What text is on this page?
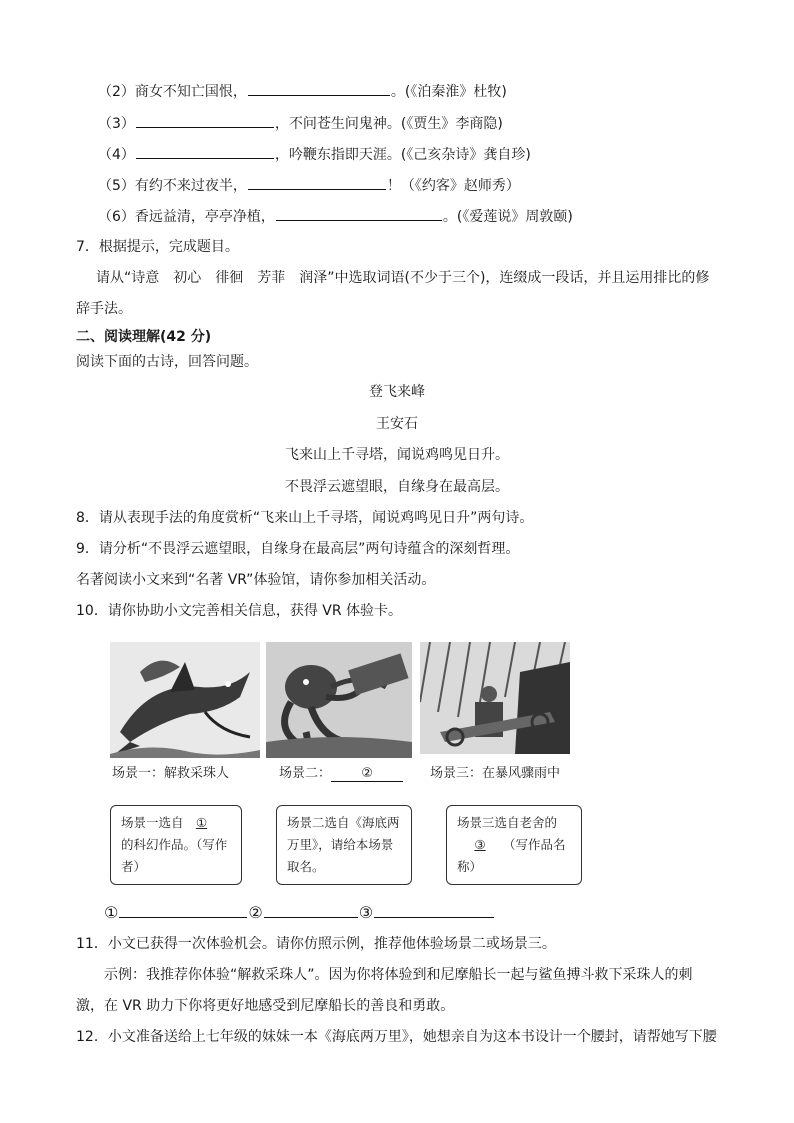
（2）商女不知亡国恨，	。(《泊秦淮》杜牧)
（3）	，不问苍生问鬼神。(《贾生》李商隐)
（4）	，吟鞭东指即天涯。(《己亥杂诗》龚自珍)
（5）有约不来过夜半，	！（《约客》赵师秀）
（6）香远益清，亭亭净植，	。(《爱莲说》周敦颐)
7．根据提示，完成题目。
请从“诗意　初心　徘徊　芳菲　润泽”中选取词语(不少于三个)，连缀成一段话，并且运用排比的修
辞手法。
二、阅读理解(42 分)
阅读下面的古诗，回答问题。
登飞来峰
王安石
飞来山上千寻塔，闻说鸡鸣见日升。
不畏浮云遮望眼，自缘身在最高层。
8．请从表现手法的角度赏析“飞来山上千寻塔，闻说鸡鸣见日升”两句诗。
9．请分析“不畏浮云遮望眼，自缘身在最高层”两句诗蕴含的深刻哲理。
名著阅读小文来到“名著 VR”体验馆，请你参加相关活动。
10．请你协助小文完善相关信息，获得 VR 体验卡。
场景一：解救采珠人	场景二： ②	场景三：在暴风骤雨中
场景一选自 ①的科幻作品。（写作者）
场景二选自《海底两万里》，请给本场景取名。
场景三选自老舍的③ （写作品名称）
①	②	③
11．小文已获得一次体验机会。请你仿照示例，推荐他体验场景二或场景三。
示例：我推荐你体验“解救采珠人”。因为你将体验到和尼摩船长一起与鲨鱼搏斗救下采珠人的刺
激，在 VR 助力下你将更好地感受到尼摩船长的善良和勇敢。
12．小文准备送给上七年级的妹妹一本《海底两万里》，她想亲自为这本书设计一个腰封，请帮她写下腰
